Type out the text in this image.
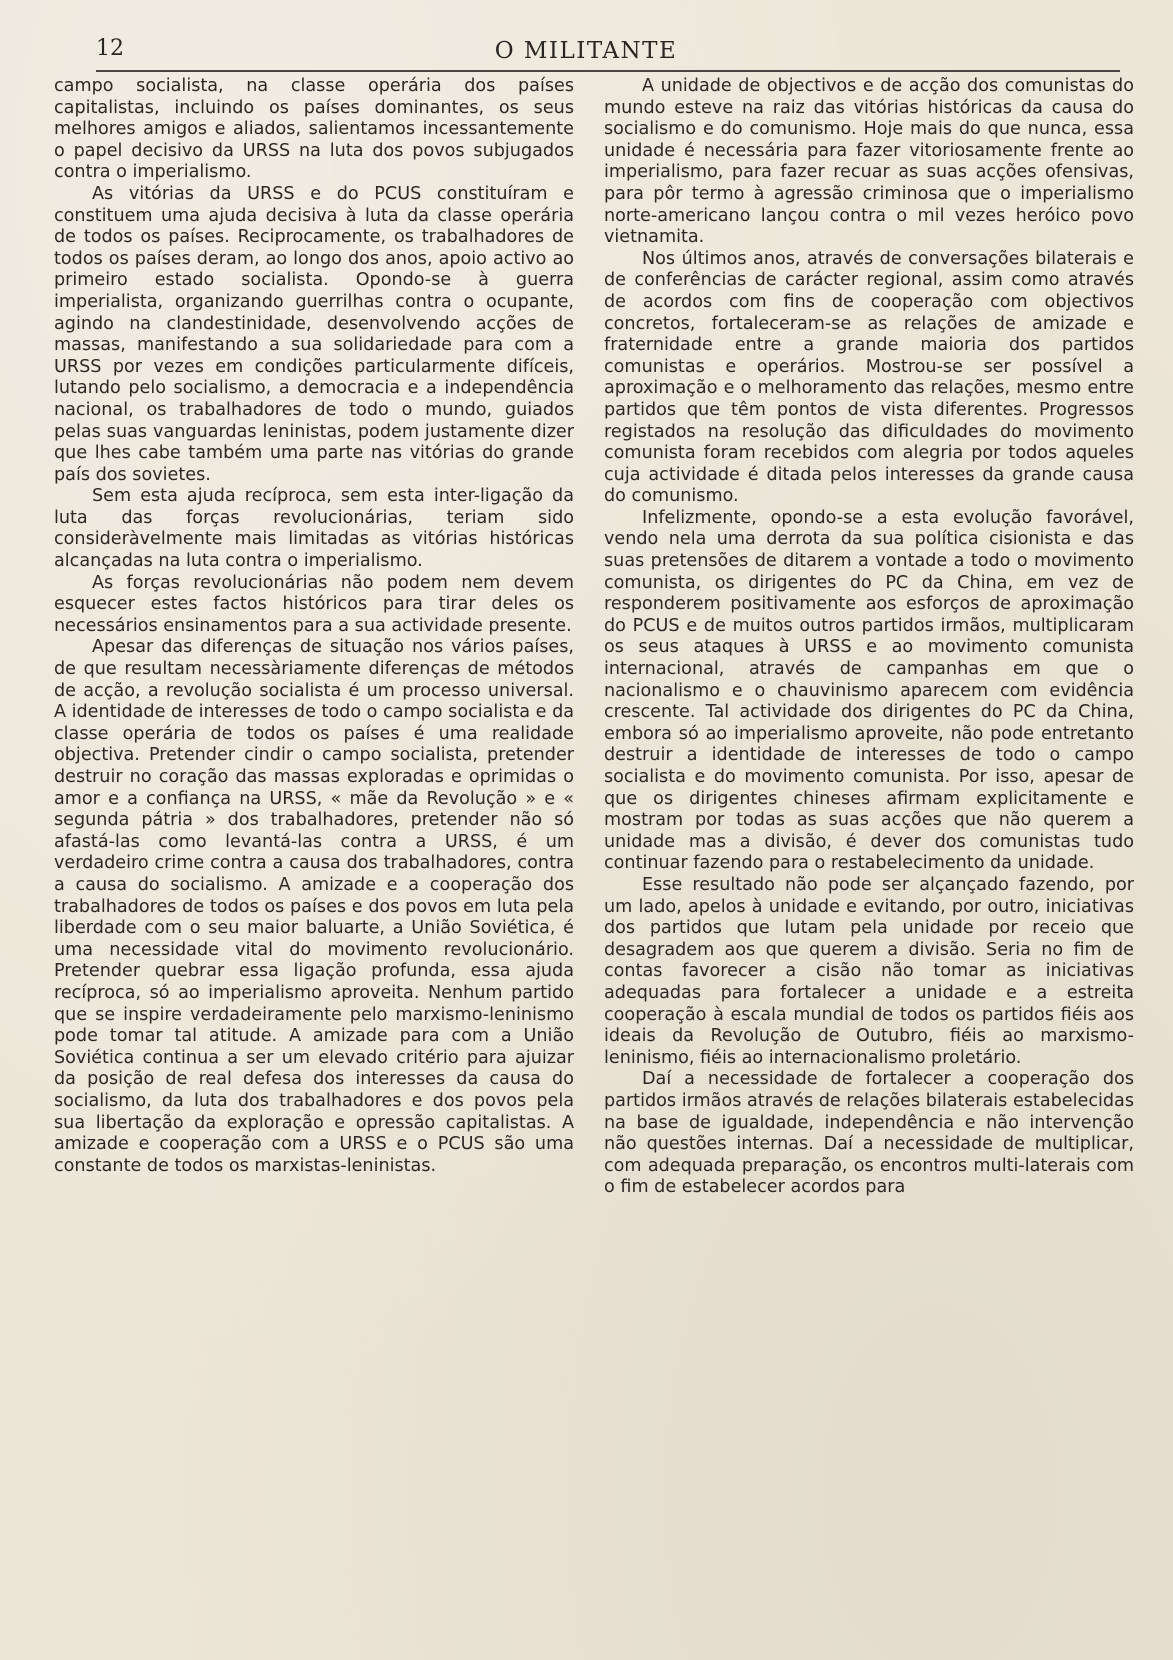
12	O MILITANTE

campo socialista, na classe operária dos países capitalistas, incluindo os países dominantes, os seus melhores amigos e aliados, salientamos incessantemente o papel decisivo da URSS na luta dos povos subjugados contra o imperialismo.

As vitórias da URSS e do PCUS constituíram e constituem uma ajuda decisiva à luta da classe operária de todos os países. Reciprocamente, os trabalhadores de todos os países deram, ao longo dos anos, apoio activo ao primeiro estado socialista. Opondo-se à guerra imperialista, organizando guerrilhas contra o ocupante, agindo na clandestinidade, desenvolvendo acções de massas, manifestando a sua solidariedade para com a URSS por vezes em condições particularmente difíceis, lutando pelo socialismo, a democracia e a independência nacional, os trabalhadores de todo o mundo, guiados pelas suas vanguardas leninistas, podem justamente dizer que lhes cabe também uma parte nas vitórias do grande país dos sovietes.

Sem esta ajuda recíproca, sem esta inter-ligação da luta das forças revolucionárias, teriam sido consideràvelmente mais limitadas as vitórias históricas alcançadas na luta contra o imperialismo.

As forças revolucionárias não podem nem devem esquecer estes factos históricos para tirar deles os necessários ensinamentos para a sua actividade presente.

Apesar das diferenças de situação nos vários países, de que resultam necessàriamente diferenças de métodos de acção, a revolução socialista é um processo universal. A identidade de interesses de todo o campo socialista e da classe operária de todos os países é uma realidade objectiva. Pretender cindir o campo socialista, pretender destruir no coração das massas exploradas e oprimidas o amor e a confiança na URSS, « mãe da Revolução » e « segunda pátria » dos trabalhadores, pretender não só afastá-las como levantá-las contra a URSS, é um verdadeiro crime contra a causa dos trabalhadores, contra a causa do socialismo. A amizade e a cooperação dos trabalhadores de todos os países e dos povos em luta pela liberdade com o seu maior baluarte, a União Soviética, é uma necessidade vital do movimento revolucionário. Pretender quebrar essa ligação profunda, essa ajuda recíproca, só ao imperialismo aproveita. Nenhum partido que se inspire verdadeiramente pelo marxismo-leninismo pode tomar tal atitude. A amizade para com a União Soviética continua a ser um elevado critério para ajuizar da posição de real defesa dos interesses da causa do socialismo, da luta dos trabalhadores e dos povos pela sua libertação da exploração e opressão capitalistas. A amizade e cooperação com a URSS e o PCUS são uma constante de todos os marxistas-leninistas.

A unidade de objectivos e de acção dos comunistas do mundo esteve na raiz das vitórias históricas da causa do socialismo e do comunismo. Hoje mais do que nunca, essa unidade é necessária para fazer vitoriosamente frente ao imperialismo, para fazer recuar as suas acções ofensivas, para pôr termo à agressão criminosa que o imperialismo norte-americano lançou contra o mil vezes heróico povo vietnamita.

Nos últimos anos, através de conversações bilaterais e de conferências de carácter regional, assim como através de acordos com fins de cooperação com objectivos concretos, fortaleceram-se as relações de amizade e fraternidade entre a grande maioria dos partidos comunistas e operários. Mostrou-se ser possível a aproximação e o melhoramento das relações, mesmo entre partidos que têm pontos de vista diferentes. Progressos registados na resolução das dificuldades do movimento comunista foram recebidos com alegria por todos aqueles cuja actividade é ditada pelos interesses da grande causa do comunismo.

Infelizmente, opondo-se a esta evolução favorável, vendo nela uma derrota da sua política cisionista e das suas pretensões de ditarem a vontade a todo o movimento comunista, os dirigentes do PC da China, em vez de responderem positivamente aos esforços de aproximação do PCUS e de muitos outros partidos irmãos, multiplicaram os seus ataques à URSS e ao movimento comunista internacional, através de campanhas em que o nacionalismo e o chauvinismo aparecem com evidência crescente. Tal actividade dos dirigentes do PC da China, embora só ao imperialismo aproveite, não pode entretanto destruir a identidade de interesses de todo o campo socialista e do movimento comunista. Por isso, apesar de que os dirigentes chineses afirmam explicitamente e mostram por todas as suas acções que não querem a unidade mas a divisão, é dever dos comunistas tudo continuar fazendo para o restabelecimento da unidade.

Esse resultado não pode ser alçançado fazendo, por um lado, apelos à unidade e evitando, por outro, iniciativas dos partidos que lutam pela unidade por receio que desagradem aos que querem a divisão. Seria no fim de contas favorecer a cisão não tomar as iniciativas adequadas para fortalecer a unidade e a estreita cooperação à escala mundial de todos os partidos fiéis aos ideais da Revolução de Outubro, fiéis ao marxismo-leninismo, fiéis ao internacionalismo proletário.

Daí a necessidade de fortalecer a cooperação dos partidos irmãos através de relações bilaterais estabelecidas na base de igualdade, independência e não intervenção não questões internas. Daí a necessidade de multiplicar, com adequada preparação, os encontros multi-laterais com o fim de estabelecer acordos para
